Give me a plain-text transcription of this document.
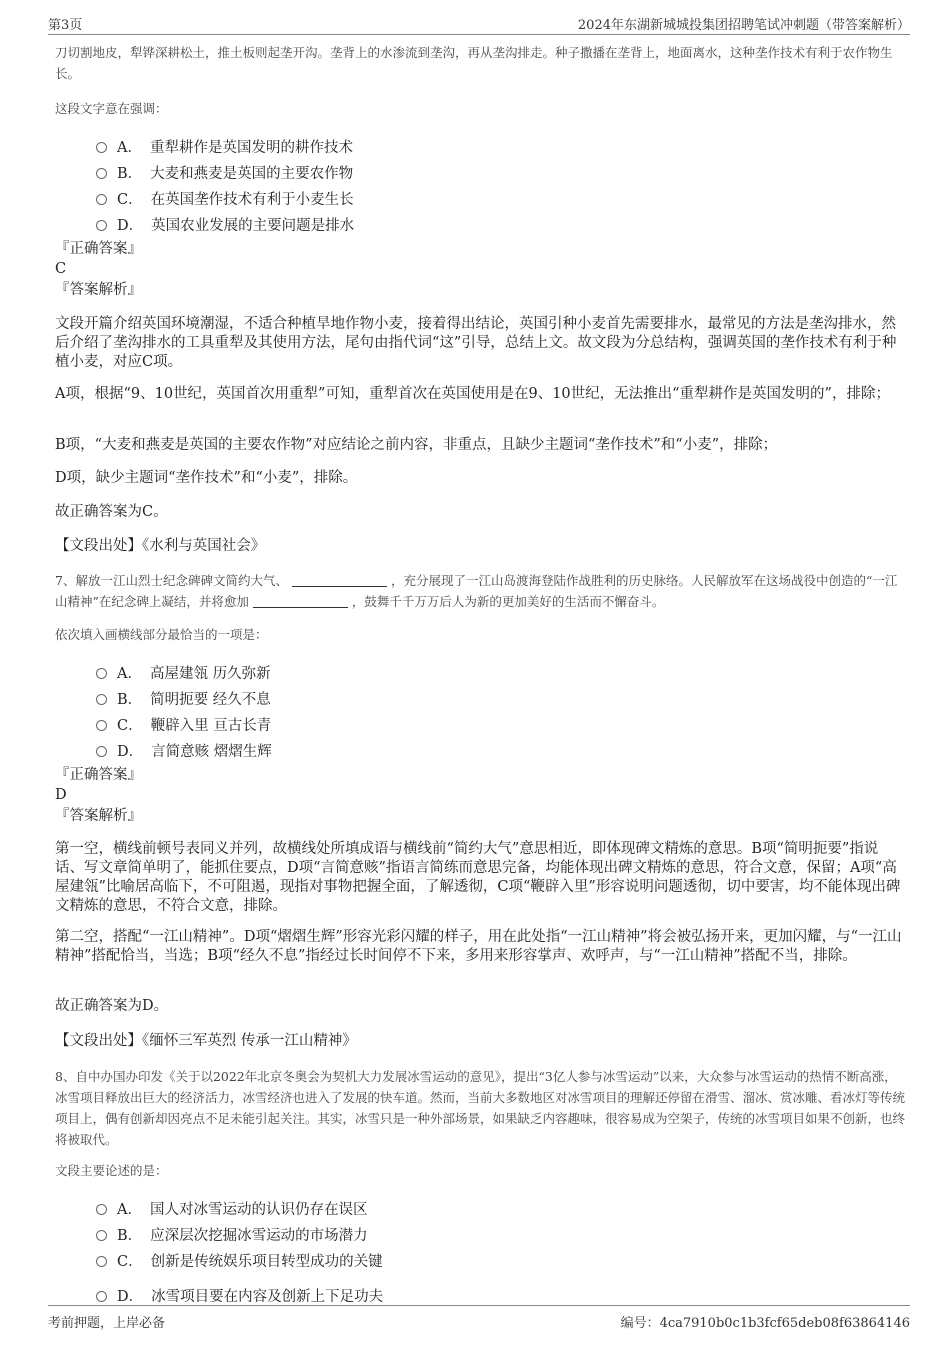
第3页	2024年东湖新城城投集团招聘笔试冲刺题（带答案解析）

刀切割地皮，犁铧深耕松土，推土板则起垄开沟。垄背上的水渗流到垄沟，再从垄沟排走。种子撒播在垄背上，地面离水，这种垄作技术有利于农作物生长。

这段文字意在强调：

A． 重犁耕作是英国发明的耕作技术
B． 大麦和燕麦是英国的主要农作物
C． 在英国垄作技术有利于小麦生长
D． 英国农业发展的主要问题是排水

『正确答案』

C

『答案解析』

文段开篇介绍英国环境潮湿，不适合种植旱地作物小麦，接着得出结论，英国引种小麦首先需要排水，最常见的方法是垄沟排水，然后介绍了垄沟排水的工具重犁及其使用方法，尾句由指代词“这”引导，总结上文。故文段为分总结构，强调英国的垄作技术有利于种植小麦，对应C项。

A项，根据“9、10世纪，英国首次用重犁”可知，重犁首次在英国使用是在9、10世纪，无法推出“重犁耕作是英国发明的”，排除；

B项，“大麦和燕麦是英国的主要农作物”对应结论之前内容，非重点，且缺少主题词“垄作技术”和“小麦”，排除；

D项，缺少主题词“垄作技术”和“小麦”，排除。

故正确答案为C。

【文段出处】《水利与英国社会》

7、解放一江山烈士纪念碑碑文简约大气、	，充分展现了一江山岛渡海登陆作战胜利的历史脉络。人民解放军在这场战役中创造的“一江山精神”在纪念碑上凝结，并将愈加	，鼓舞千千万万后人为新的更加美好的生活而不懈奋斗。

依次填入画横线部分最恰当的一项是：

A． 高屋建瓴 历久弥新
B． 简明扼要 经久不息
C． 鞭辟入里 亘古长青
D． 言简意赅 熠熠生辉

『正确答案』

D

『答案解析』

第一空，横线前顿号表同义并列，故横线处所填成语与横线前“简约大气”意思相近，即体现碑文精炼的意思。B项“简明扼要”指说话、写文章简单明了，能抓住要点，D项“言简意赅”指语言简练而意思完备，均能体现出碑文精炼的意思，符合文意，保留；A项“高屋建瓴”比喻居高临下，不可阻遏，现指对事物把握全面，了解透彻，C项“鞭辟入里”形容说明问题透彻，切中要害，均不能体现出碑文精炼的意思，不符合文意，排除。

第二空，搭配“一江山精神”。D项“熠熠生辉”形容光彩闪耀的样子，用在此处指“一江山精神”将会被弘扬开来，更加闪耀，与“一江山精神”搭配恰当，当选；B项“经久不息”指经过长时间停不下来，多用来形容掌声、欢呼声，与“一江山精神”搭配不当，排除。

故正确答案为D。

【文段出处】《缅怀三军英烈 传承一江山精神》

8、自中办国办印发《关于以2022年北京冬奥会为契机大力发展冰雪运动的意见》，提出“3亿人参与冰雪运动”以来，大众参与冰雪运动的热情不断高涨，冰雪项目释放出巨大的经济活力，冰雪经济也进入了发展的快车道。然而，当前大多数地区对冰雪项目的理解还停留在滑雪、溜冰、赏冰雕、看冰灯等传统项目上，偶有创新却因亮点不足未能引起关注。其实，冰雪只是一种外部场景，如果缺乏内容趣味，很容易成为空架子，传统的冰雪项目如果不创新，也终将被取代。

文段主要论述的是：

A． 国人对冰雪运动的认识仍存在误区
B． 应深层次挖掘冰雪运动的市场潜力
C． 创新是传统娱乐项目转型成功的关键
D． 冰雪项目要在内容及创新上下足功夫
考前押题，上岸必备	编号：4ca7910b0c1b3fcf65deb08f63864146
